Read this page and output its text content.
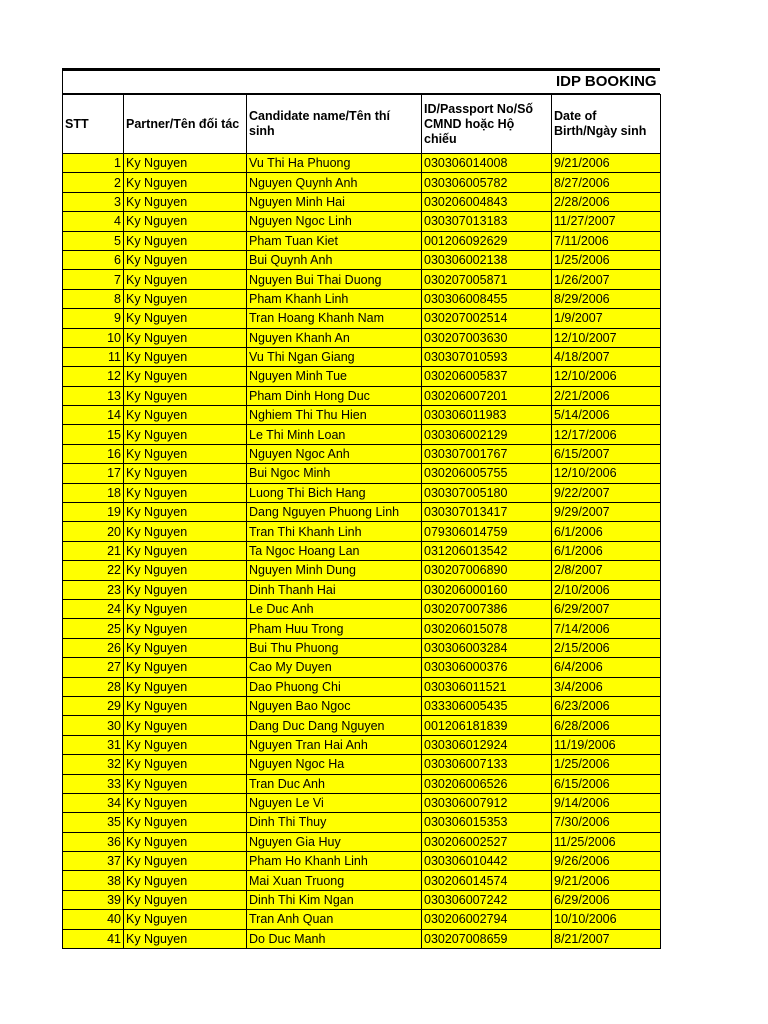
IDP BOOKING
STT	Partner/Tên đối tác	Candidate name/Tên thí sinh	ID/Passport No/Số CMND hoặc Hộ chiếu	Date of Birth/Ngày sinh
1	Ky Nguyen	Vu Thi Ha Phuong	030306014008	9/21/2006
2	Ky Nguyen	Nguyen Quynh Anh	030306005782	8/27/2006
3	Ky Nguyen	Nguyen Minh Hai	030206004843	2/28/2006
4	Ky Nguyen	Nguyen Ngoc Linh	030307013183	11/27/2007
5	Ky Nguyen	Pham Tuan Kiet	001206092629	7/11/2006
6	Ky Nguyen	Bui Quynh Anh	030306002138	1/25/2006
7	Ky Nguyen	Nguyen Bui Thai Duong	030207005871	1/26/2007
8	Ky Nguyen	Pham Khanh Linh	030306008455	8/29/2006
9	Ky Nguyen	Tran Hoang Khanh Nam	030207002514	1/9/2007
10	Ky Nguyen	Nguyen Khanh An	030207003630	12/10/2007
11	Ky Nguyen	Vu Thi Ngan Giang	030307010593	4/18/2007
12	Ky Nguyen	Nguyen Minh Tue	030206005837	12/10/2006
13	Ky Nguyen	Pham Dinh Hong Duc	030206007201	2/21/2006
14	Ky Nguyen	Nghiem Thi Thu Hien	030306011983	5/14/2006
15	Ky Nguyen	Le Thi Minh Loan	030306002129	12/17/2006
16	Ky Nguyen	Nguyen Ngoc Anh	030307001767	6/15/2007
17	Ky Nguyen	Bui Ngoc Minh	030206005755	12/10/2006
18	Ky Nguyen	Luong Thi Bich Hang	030307005180	9/22/2007
19	Ky Nguyen	Dang Nguyen Phuong Linh	030307013417	9/29/2007
20	Ky Nguyen	Tran Thi Khanh Linh	079306014759	6/1/2006
21	Ky Nguyen	Ta Ngoc Hoang Lan	031206013542	6/1/2006
22	Ky Nguyen	Nguyen Minh Dung	030207006890	2/8/2007
23	Ky Nguyen	Dinh Thanh Hai	030206000160	2/10/2006
24	Ky Nguyen	Le Duc Anh	030207007386	6/29/2007
25	Ky Nguyen	Pham Huu Trong	030206015078	7/14/2006
26	Ky Nguyen	Bui Thu Phuong	030306003284	2/15/2006
27	Ky Nguyen	Cao My Duyen	030306000376	6/4/2006
28	Ky Nguyen	Dao Phuong Chi	030306011521	3/4/2006
29	Ky Nguyen	Nguyen Bao Ngoc	033306005435	6/23/2006
30	Ky Nguyen	Dang Duc Dang Nguyen	001206181839	6/28/2006
31	Ky Nguyen	Nguyen Tran Hai Anh	030306012924	11/19/2006
32	Ky Nguyen	Nguyen Ngoc Ha	030306007133	1/25/2006
33	Ky Nguyen	Tran Duc Anh	030206006526	6/15/2006
34	Ky Nguyen	Nguyen Le Vi	030306007912	9/14/2006
35	Ky Nguyen	Dinh Thi Thuy	030306015353	7/30/2006
36	Ky Nguyen	Nguyen Gia Huy	030206002527	11/25/2006
37	Ky Nguyen	Pham Ho Khanh Linh	030306010442	9/26/2006
38	Ky Nguyen	Mai Xuan Truong	030206014574	9/21/2006
39	Ky Nguyen	Dinh Thi Kim Ngan	030306007242	6/29/2006
40	Ky Nguyen	Tran Anh Quan	030206002794	10/10/2006
41	Ky Nguyen	Do Duc Manh	030207008659	8/21/2007
